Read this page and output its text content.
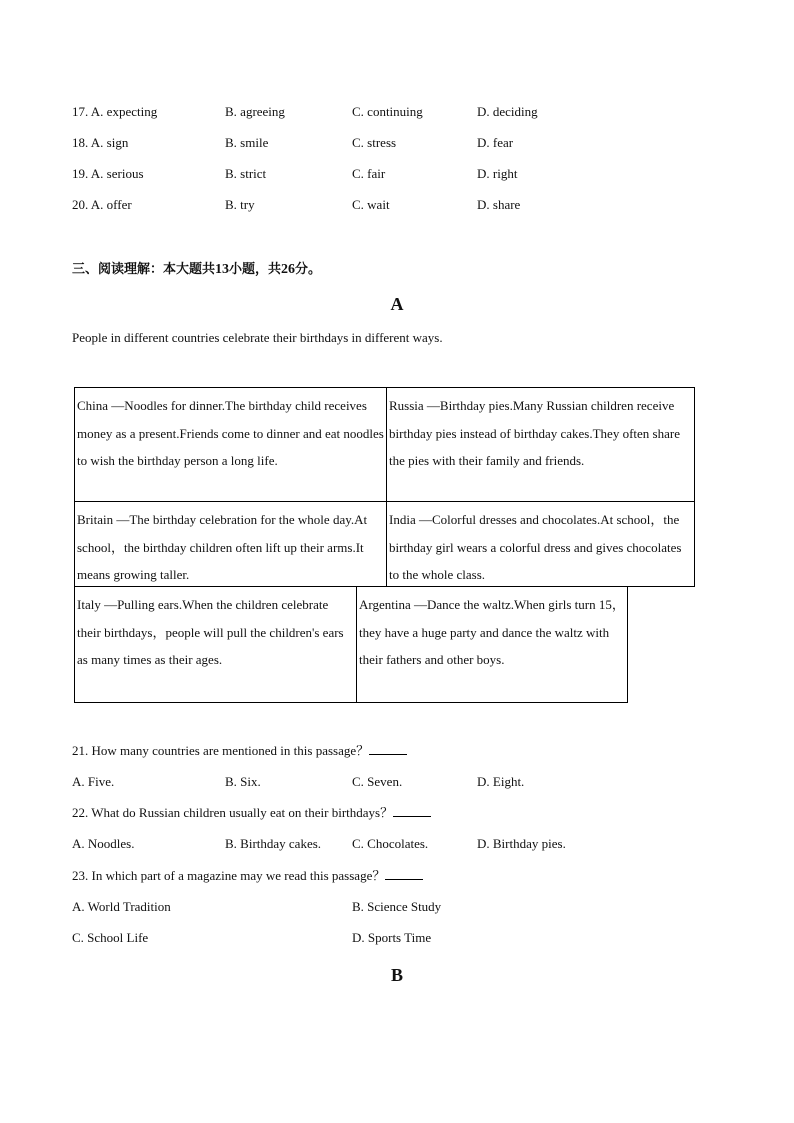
17. A. expecting	B. agreeing	C. continuing	D. deciding
18. A. sign	B. smile	C. stress	D. fear
19. A. serious	B. strict	C. fair	D. right
20. A. offer	B. try	C. wait	D. share
三、阅读理解：本大题共13小题，共26分。
A
People in different countries celebrate their birthdays in different ways.
China —Noodles for dinner.The birthday child receives money as a present.Friends come to dinner and eat noodles to wish the birthday person a long life.
Russia —Birthday pies.Many Russian children receive birthday pies instead of birthday cakes.They often share the pies with their family and friends.
Britain —The birthday celebration for the whole day.At school，the birthday children often lift up their arms.It means growing taller.
India —Colorful dresses and chocolates.At school，the birthday girl wears a colorful dress and gives chocolates to the whole class.
Italy —Pulling ears.When the children celebrate their birthdays，people will pull the children's ears as many times as their ages.
Argentina —Dance the waltz.When girls turn 15，they have a huge party and dance the waltz with their fathers and other boys.
21. How many countries are mentioned in this passage？
A. Five.	B. Six.	C. Seven.	D. Eight.
22. What do Russian children usually eat on their birthdays？
A. Noodles.	B. Birthday cakes. C. Chocolates.	D. Birthday pies.
23. In which part of a magazine may we read this passage？
A. World Tradition	B. Science Study
C. School Life	D. Sports Time
B
